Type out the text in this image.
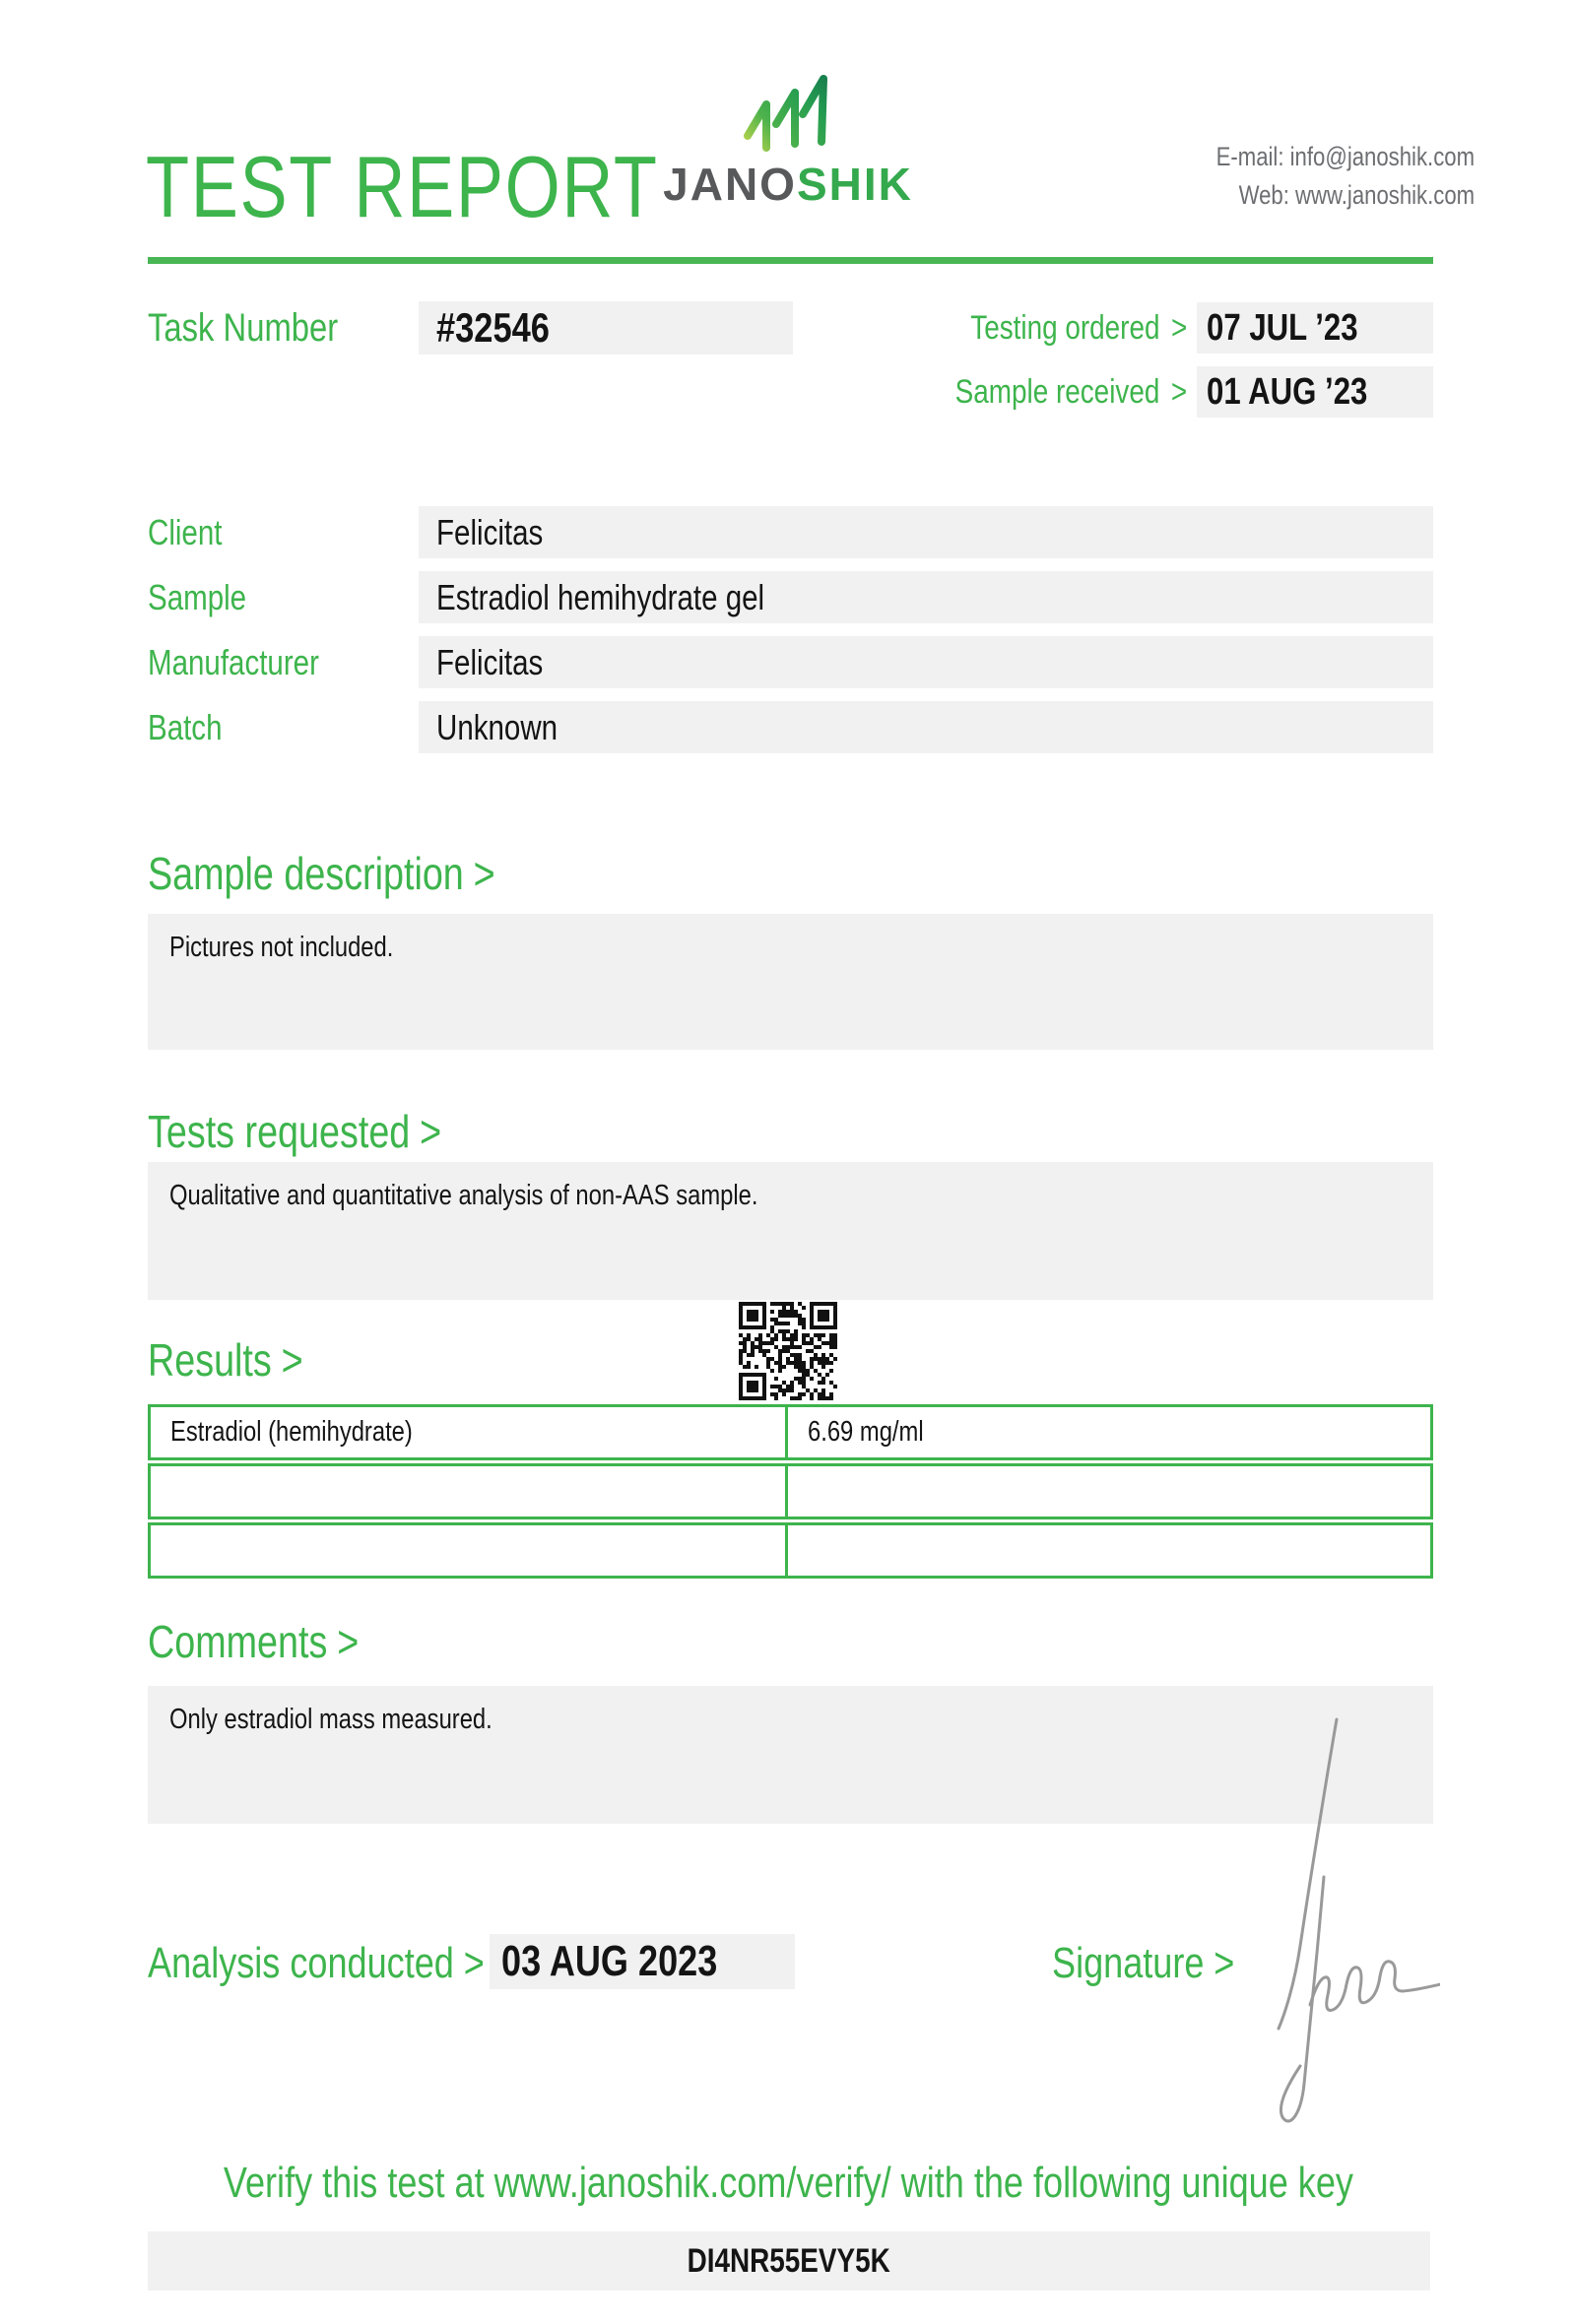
TEST REPORT JANOSHIK
E-mail: info@janoshik.com
Web: www.janoshik.com
Task Number	#32546	Testing ordered > 07 JUL ’23
Sample received > 01 AUG ’23
Client	Felicitas
Sample	Estradiol hemihydrate gel
Manufacturer	Felicitas
Batch	Unknown
Sample description >
Pictures not included.
Tests requested >
Qualitative and quantitative analysis of non-AAS sample.
Results >
Estradiol (hemihydrate)	6.69 mg/ml
Comments >
Only estradiol mass measured.
Analysis conducted > 03 AUG 2023	Signature >
Verify this test at www.janoshik.com/verify/ with the following unique key
DI4NR55EVY5K
